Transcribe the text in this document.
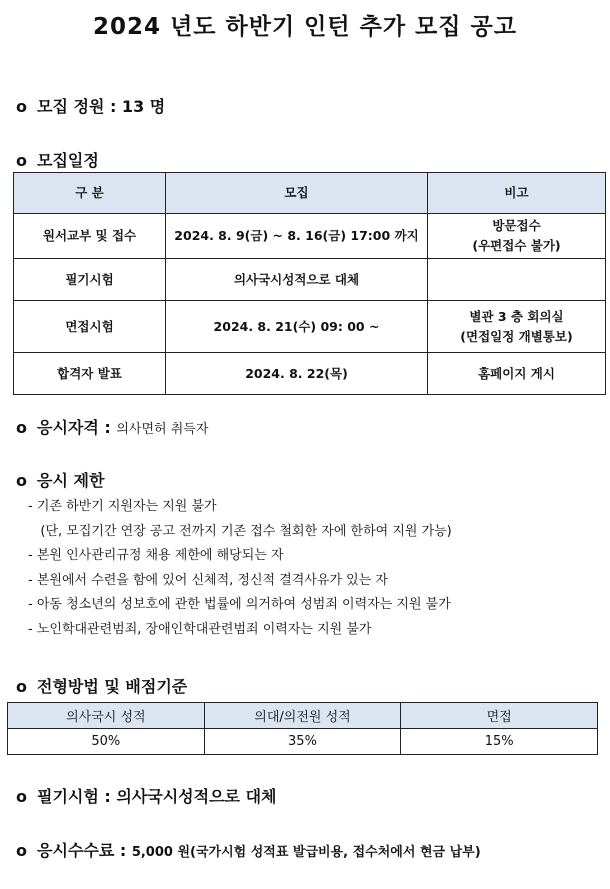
2024 년도 하반기 인턴 추가 모집 공고
o 모집 정원 : 13 명
o 모집일정
구 분	모집	비고
원서교부 및 접수	2024. 8. 9(금) ~ 8. 16(금) 17:00 까지	방문접수
(우편접수 불가)

필기시험	의사국시성적으로 대체	
면접시험	2024. 8. 21(수) 09: 00 ~	별관 3 층 회의실
(면접일정 개별통보)

합격자 발표	2024. 8. 22(목)	홈페이지 게시
o 응시자격 : 의사면허 취득자
o 응시 제한
- 기존 하반기 지원자는 지원 불가
(단, 모집기간 연장 공고 전까지 기존 접수 철회한 자에 한하여 지원 가능)
- 본원 인사관리규정 채용 제한에 해당되는 자
- 본원에서 수련을 함에 있어 신체적, 정신적 결격사유가 있는 자
- 아동 청소년의 성보호에 관한 법률에 의거하여 성범죄 이력자는 지원 불가
- 노인학대관련범죄, 장애인학대관련범죄 이력자는 지원 불가
o 전형방법 및 배점기준
의사국시 성적	의대/의전원 성적	면접
50%	35%	15%
o 필기시험 : 의사국시성적으로 대체
o 응시수수료 : 5,000 원(국가시험 성적표 발급비용, 접수처에서 현금 납부)
